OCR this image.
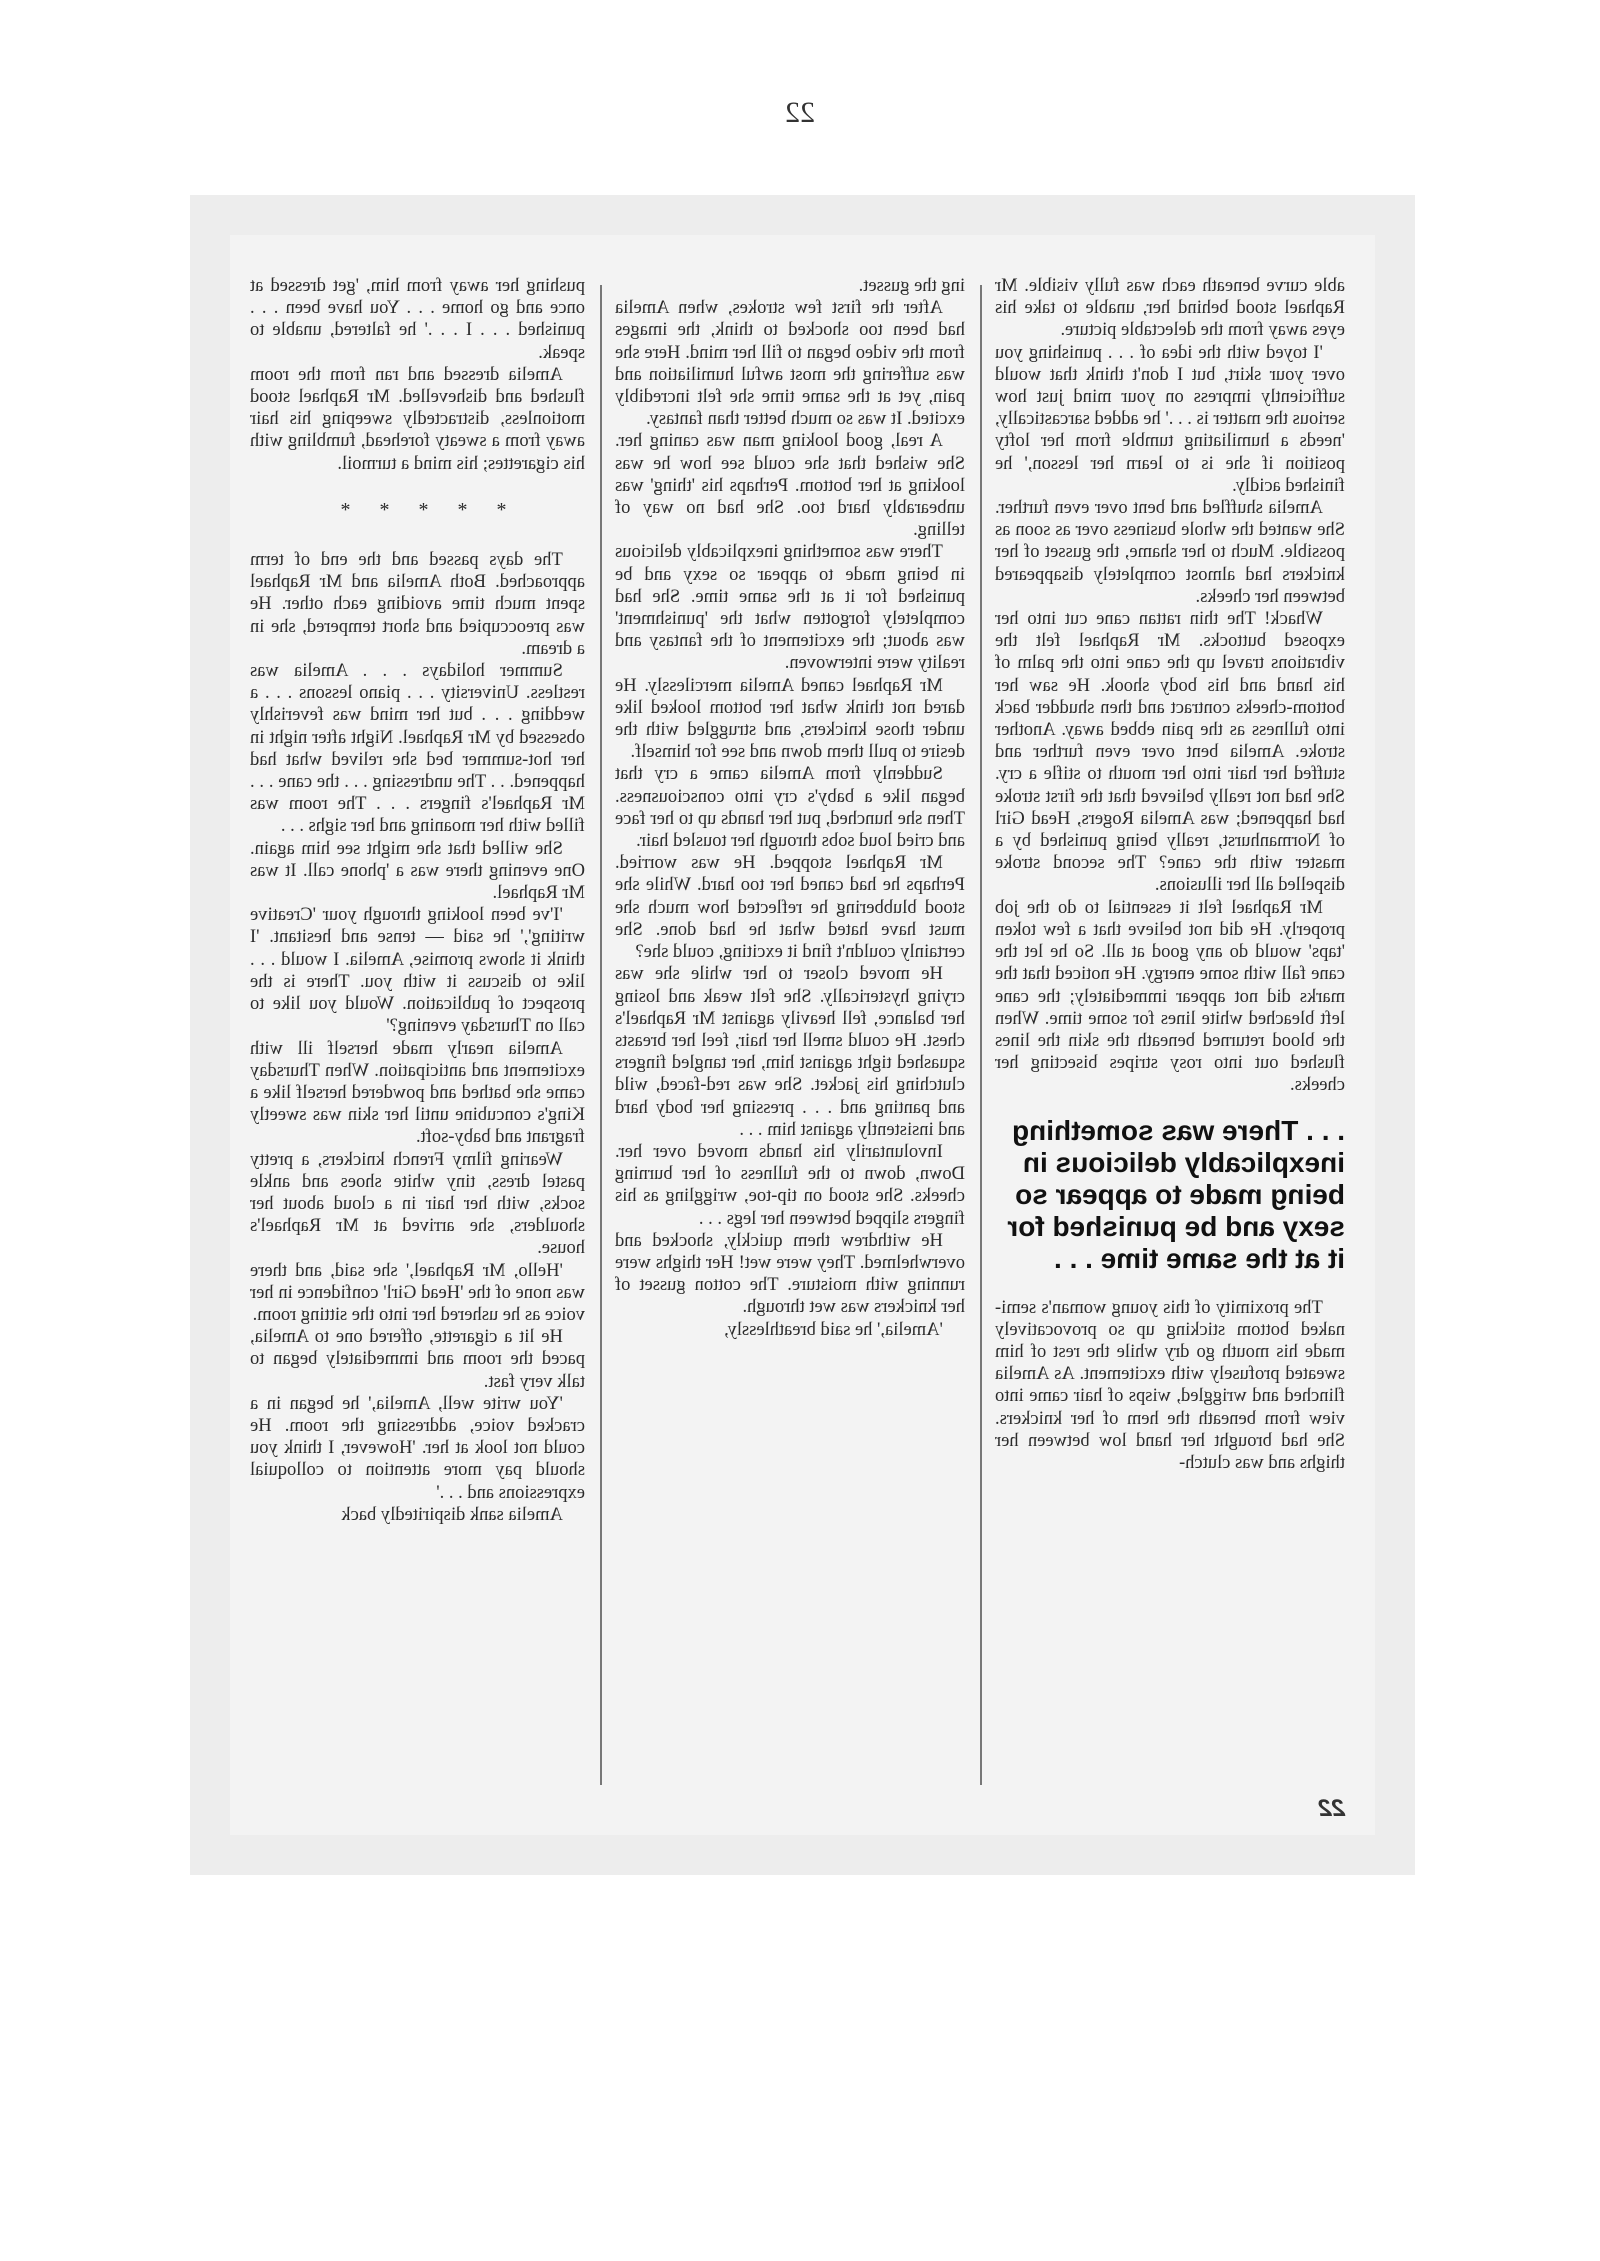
22

able curve beneath each was fully visible. Mr Raphael stood behind her, unable to take his eyes away from the delectable picture.

'I toyed with the idea of . . . punishing you over your skirt, but I don't think that would sufficiently impress on your mind just how serious the matter is . . .' he added sarcastically, 'needs a humiliating tumble from her lofty position if she is to learn her lesson,' he finished acidly.

Amelia shuffled and bent over even further. She wanted the whole business over as soon as possible. Much to her shame, the gusset of her knickers had almost completely disappeared between her cheeks.

Whack! The thin rattan cane cut into her exposed buttocks. Mr Raphael felt the vibrations travel up the cane into the palm of his hand and his body shook. He saw her bottom-cheeks contract and then shudder back into fullness as the pain ebbed away. Another stroke. Amelia bent over even further and stuffed her hair into her mouth to stifle a cry. She had not really believed that the first stroke had happened; was Amelia Rogers, Head Girl of Normanhurst, really being punished by a master with the cane? The second stroke dispelled all her illusions.

Mr Raphael felt it essential to do the job properly. He did not believe that a few token 'taps' would do any good at all. So he let the cane fall with some energy. He noticed that the marks did not appear immediately; the cane left bleached white lines for some time. When the blood returned beneath the skin the lines flushed out into rosy stripes bisecting her cheeks.

. . . There was something inexplicably delicious in being made to appear so sexy and be punished for it at the same time . . .

The proximity of this young woman's semi-naked bottom sticking up so provocatively made his mouth go dry while the rest of him sweated profusely with excitement. As Amelia flinched and wriggled, wisps of hair came into view from beneath the hem of her knickers. She had brought her hand low between her thighs and was clutch-

ing the gusset.

After the first few strokes, when Amelia had been too shocked to think, the images from the video began to fill her mind. Here she was suffering the most awful humiliation and pain, yet at the same time she felt incredibly excited. It was so much better than fantasy.

A real, good looking man was caning her. She wished that she could see how he was looking at her bottom. Perhaps his 'thing' was unbearably hard too. She had no way of telling.

There was something inexplicably delicious in being made to appear so sexy and be punished for it at the same time. She had completely forgotten what the 'punishment' was about; the excitement of the fantasy and reality were interwoven.

Mr Raphael caned Amelia mercilessly. He dared not think what her bottom looked like under those knickers, and struggled with the desire to pull them down and see for himself.

Suddenly from Amelia came a cry that began like a baby's cry into consciousness. Then she hunched, put her hands up to her face and cried loud sobs through her tousled hair.

Mr Raphael stopped. He was worried. Perhaps he had caned her too hard. While she stood blubbering he reflected how much she must have hated what he had done. She certainly couldn't find it exciting, could she?

He moved closer to her while she was crying hysterically. She felt weak and losing her balance, fell heavily against Mr Raphael's chest. He could smell her hair, feel her breasts squashed tight against him, her tangled fingers clutching his jacket. She was red-faced, wild and panting and . . . pressing her body hard and insistently against him . . .

Involuntarily his hands moved over her. Down, down to the fullness of her burning cheeks. She stood on tip-toe, wriggling as his fingers slipped between her legs . . .

He withdrew them quickly, shocked and overwhelmed. They were wet! Her thighs were running with moisture. The cotton gusset of her knickers was wet through.

'Amelia,' he said breathlessly,

pushing her away from him, 'get dressed at once and go home . . . You have been . . . punished . . . I . . .' he faltered, unable to speak.

Amelia dressed and ran from the room flushed and dishevelled. Mr Raphael stood motionless, distractedly sweeping his hair away from a sweaty forehead, fumbling with his cigarettes; his mind a turmoil.

* * * * *

The days passed and the end of term approached. Both Amelia and Mr Raphael spent much time avoiding each other. He was preoccupied and short tempered, she in a dream.

Summer holidays . . . Amelia was restless. University . . . piano lessons . . . a wedding . . . but her mind was feverishly obsessed by Mr Raphael. Night after night in her hot-summer bed she relived what had happened. . . The undressing . . . the cane . . . Mr Raphael's fingers . . . The room was filled with her moaning and her sighs . . .

She willed that she might see him again. One evening there was a 'phone call. It was Mr Raphael.

'I've been looking through your 'Creative writing',' he said — tense and hesitant. 'I think it shows promise, Amelia. I would . . . like to discuss it with you. There is the prospect of publication. Would you like to call on Thursday evening?'

Amelia nearly made herself ill with excitement and anticipation. When Thursday came she bathed and powdered herself like a King's concubine until her skin was sweetly fragrant and baby-soft.

Wearing filmy French knickers, a pretty pastel dress, tiny white shoes and ankle socks, with her hair in a cloud about her shoulders, she arrived at Mr Raphael's house.

'Hello, Mr Raphael,' she said, and there was none of the 'Head Girl' confidence in her voice as he ushered her into the sitting room.

He lit a cigarette, offered one to Amelia, paced the room and immediately began to talk very fast.

'You write well, Amelia,' he began in a cracked voice, addressing the room. He could not look at her. 'However, I think you should pay more attention to colloquial expressions and . . .'

Amelia sank dispiritedly back

22
